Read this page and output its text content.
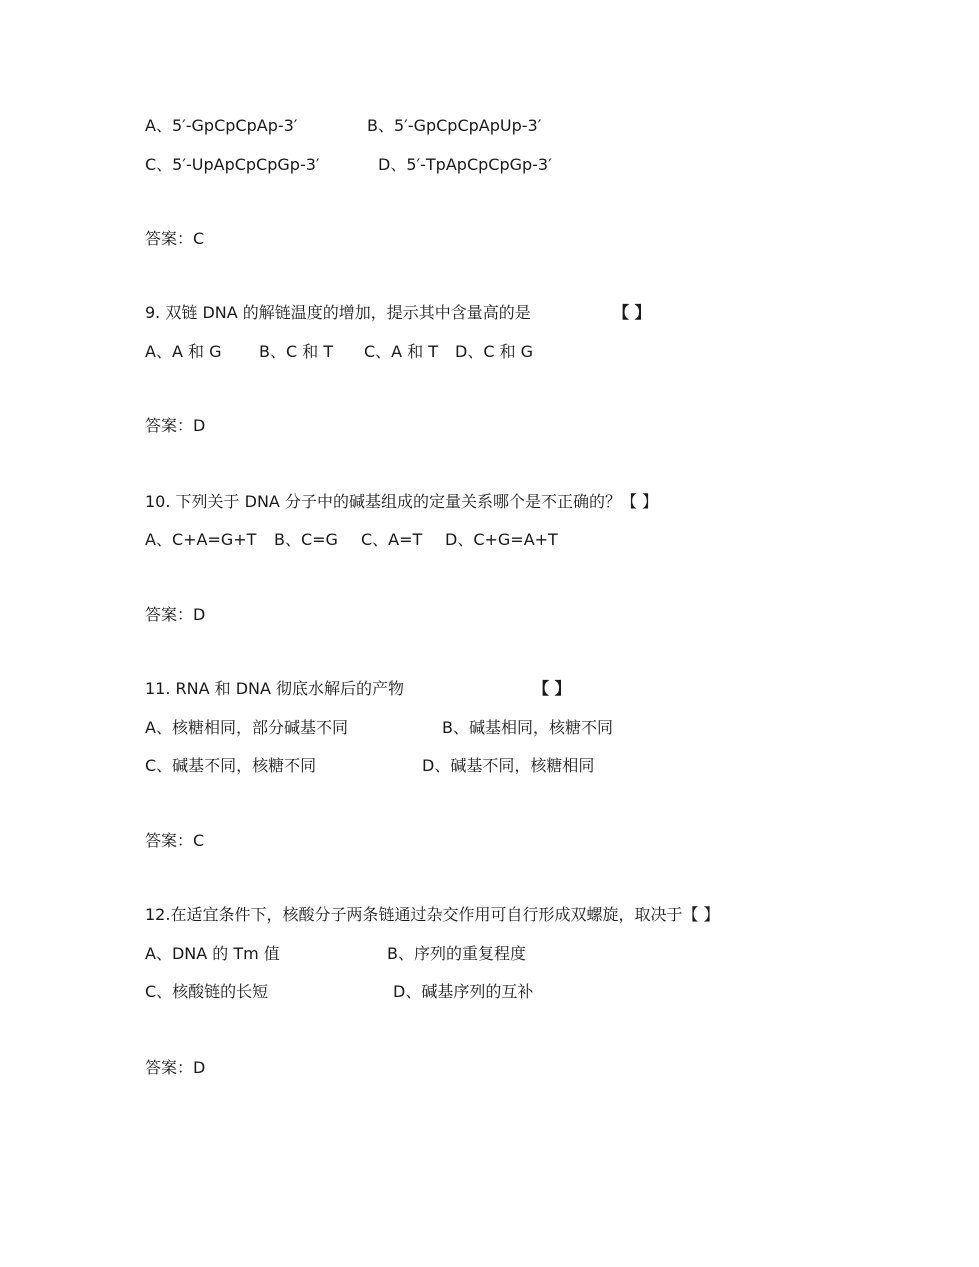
A、5′-GpCpCpAp-3′	B、5′-GpCpCpApUp-3′
C、5′-UpApCpCpGp-3′	D、5′-TpApCpCpGp-3′
答案：C
9. 双链 DNA 的解链温度的增加，提示其中含量高的是	【 】
A、A 和 G B、C 和 T C、A 和 T D、C 和 G
答案：D
10. 下列关于 DNA 分子中的碱基组成的定量关系哪个是不正确的？【 】
A、C+A=G+T B、C=G C、A=T D、C+G=A+T
答案：D
11. RNA 和 DNA 彻底水解后的产物	【 】
A、核糖相同，部分碱基不同	B、碱基相同，核糖不同
C、碱基不同，核糖不同	D、碱基不同，核糖相同
答案：C
12.在适宜条件下，核酸分子两条链通过杂交作用可自行形成双螺旋，取决于【 】
A、DNA 的 Tm 值	B、序列的重复程度
C、核酸链的长短	D、碱基序列的互补
答案：D
